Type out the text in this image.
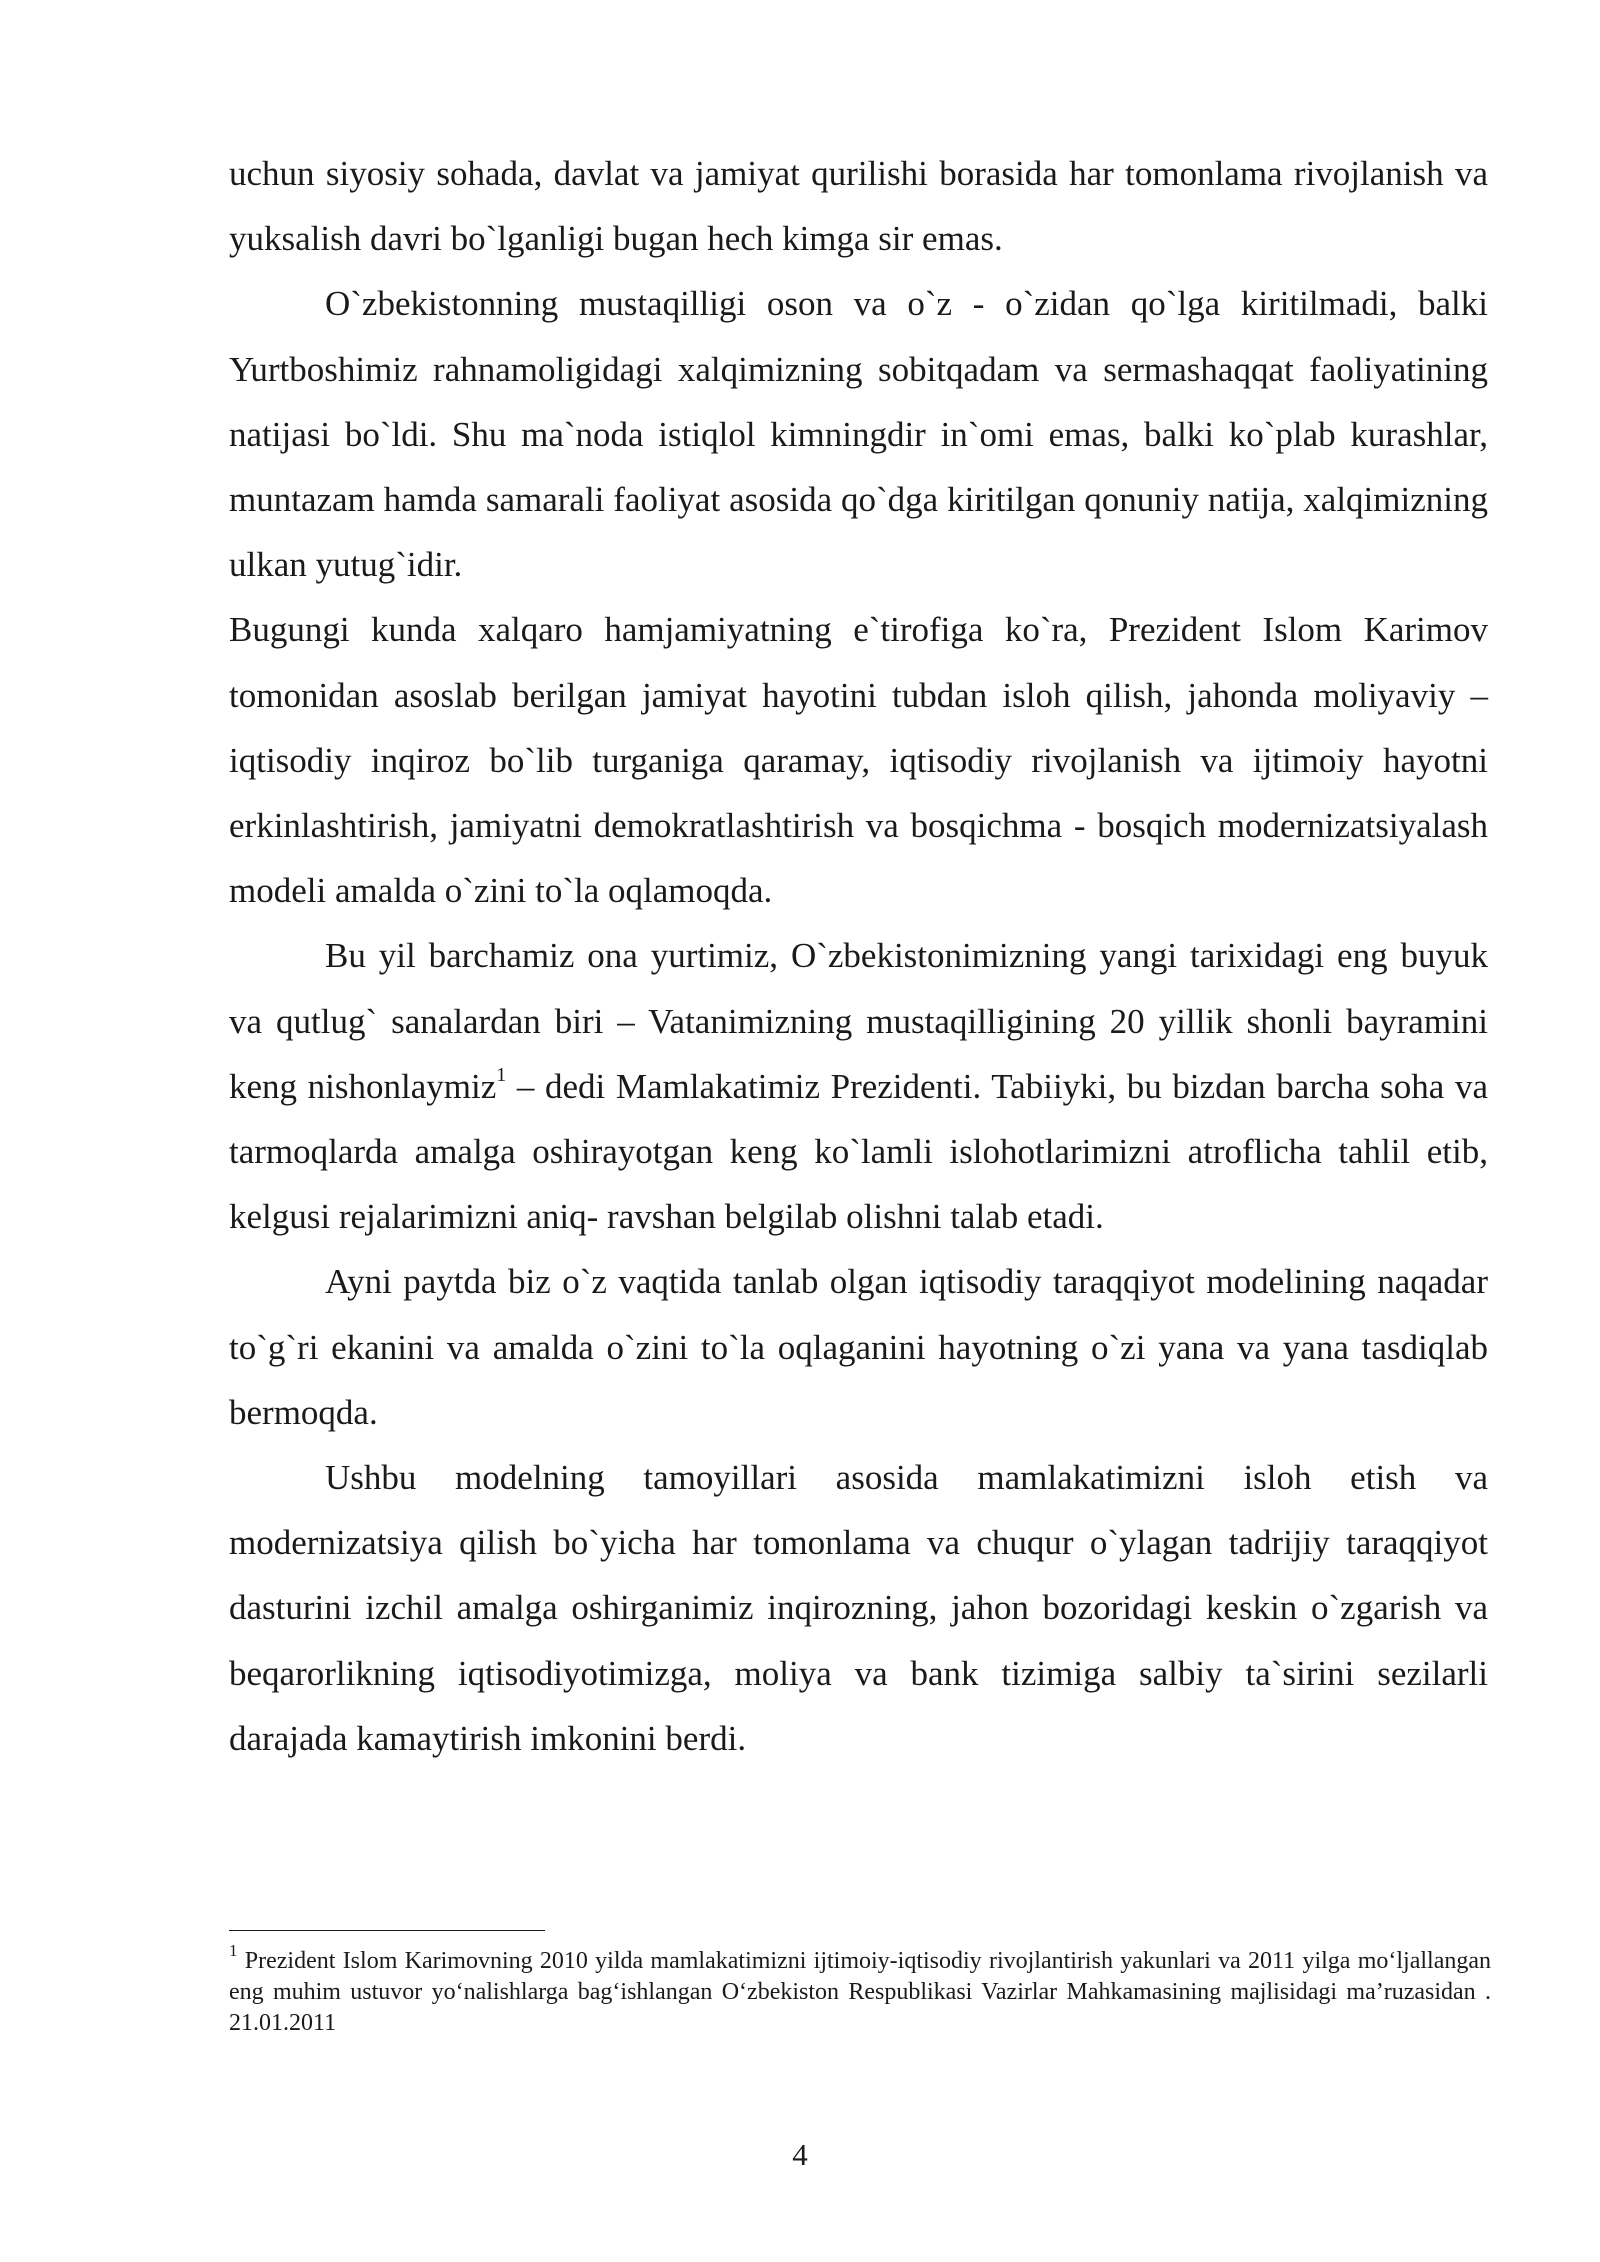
uchun siyosiy sohada, davlat va jamiyat qurilishi borasida har tomonlama rivojlanish va yuksalish davri bo`lganligi bugan hech kimga sir emas.

O`zbekistonning mustaqilligi oson va o`z - o`zidan qo`lga kiritilmadi, balki Yurtboshimiz rahnamoligidagi xalqimizning sobitqadam va sermashaqqat faoliyatining natijasi bo`ldi. Shu ma`noda istiqlol kimningdir in`omi emas, balki ko`plab kurashlar, muntazam hamda samarali faoliyat asosida qo`dga kiritilgan qonuniy natija, xalqimizning ulkan yutug`idir.

Bugungi kunda xalqaro hamjamiyatning e`tirofiga ko`ra, Prezident Islom Karimov tomonidan asoslab berilgan jamiyat hayotini tubdan isloh qilish, jahonda moliyaviy – iqtisodiy inqiroz bo`lib turganiga qaramay, iqtisodiy rivojlanish va ijtimoiy hayotni erkinlashtirish, jamiyatni demokratlashtirish va bosqichma - bosqich modernizatsiyalash modeli amalda o`zini to`la oqlamoqda.

Bu yil barchamiz ona yurtimiz, O`zbekistonimizning yangi tarixidagi eng buyuk va qutlug` sanalardan biri – Vatanimizning mustaqilligining 20 yillik shonli bayramini keng nishonlaymiz$^1$ – dedi Mamlakatimiz Prezidenti. Tabiiyki, bu bizdan barcha soha va tarmoqlarda amalga oshirayotgan keng ko`lamli islohotlarimizni atroflicha tahlil etib, kelgusi rejalarimizni aniq- ravshan belgilab olishni talab etadi.

Ayni paytda biz o`z vaqtida tanlab olgan iqtisodiy taraqqiyot modelining naqadar to`g`ri ekanini va amalda o`zini to`la oqlaganini hayotning o`zi yana va yana tasdiqlab bermoqda.

Ushbu modelning tamoyillari asosida mamlakatimizni isloh etish va modernizatsiya qilish bo`yicha har tomonlama va chuqur o`ylagan tadrijiy taraqqiyot dasturini izchil amalga oshirganimiz inqirozning, jahon bozoridagi keskin o`zgarish va beqarorlikning iqtisodiyotimizga, moliya va bank tizimiga salbiy ta`sirini sezilarli darajada kamaytirish imkonini berdi.

$^1$ Prezident Islom Karimovning 2010 yilda mamlakatimizni ijtimoiy-iqtisodiy rivojlantirish yakunlari va 2011 yilga mo‘ljallangan eng muhim ustuvor yo‘nalishlarga bag‘ishlangan O‘zbekiston Respublikasi Vazirlar Mahkamasining majlisidagi ma’ruzasidan . 21.01.2011

4
